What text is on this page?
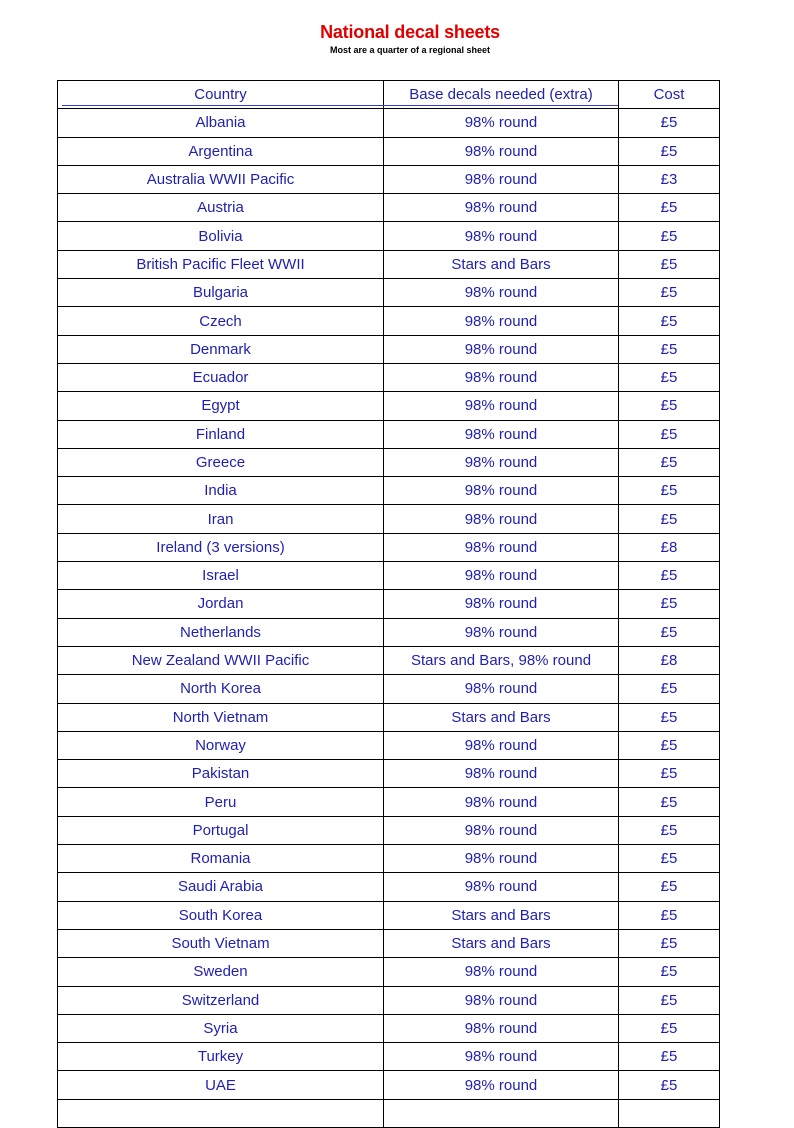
National decal sheets
Most are a quarter of a regional sheet
Country	Base decals needed (extra)	Cost
Albania	98% round	£5
Argentina	98% round	£5
Australia WWII Pacific	98% round	£3
Austria	98% round	£5
Bolivia	98% round	£5
British Pacific Fleet WWII	Stars and Bars	£5
Bulgaria	98% round	£5
Czech	98% round	£5
Denmark	98% round	£5
Ecuador	98% round	£5
Egypt	98% round	£5
Finland	98% round	£5
Greece	98% round	£5
India	98% round	£5
Iran	98% round	£5
Ireland (3 versions)	98% round	£8
Israel	98% round	£5
Jordan	98% round	£5
Netherlands	98% round	£5
New Zealand WWII Pacific	Stars and Bars, 98% round	£8
North Korea	98% round	£5
North Vietnam	Stars and Bars	£5
Norway	98% round	£5
Pakistan	98% round	£5
Peru	98% round	£5
Portugal	98% round	£5
Romania	98% round	£5
Saudi Arabia	98% round	£5
South Korea	Stars and Bars	£5
South Vietnam	Stars and Bars	£5
Sweden	98% round	£5
Switzerland	98% round	£5
Syria	98% round	£5
Turkey	98% round	£5
UAE	98% round	£5
